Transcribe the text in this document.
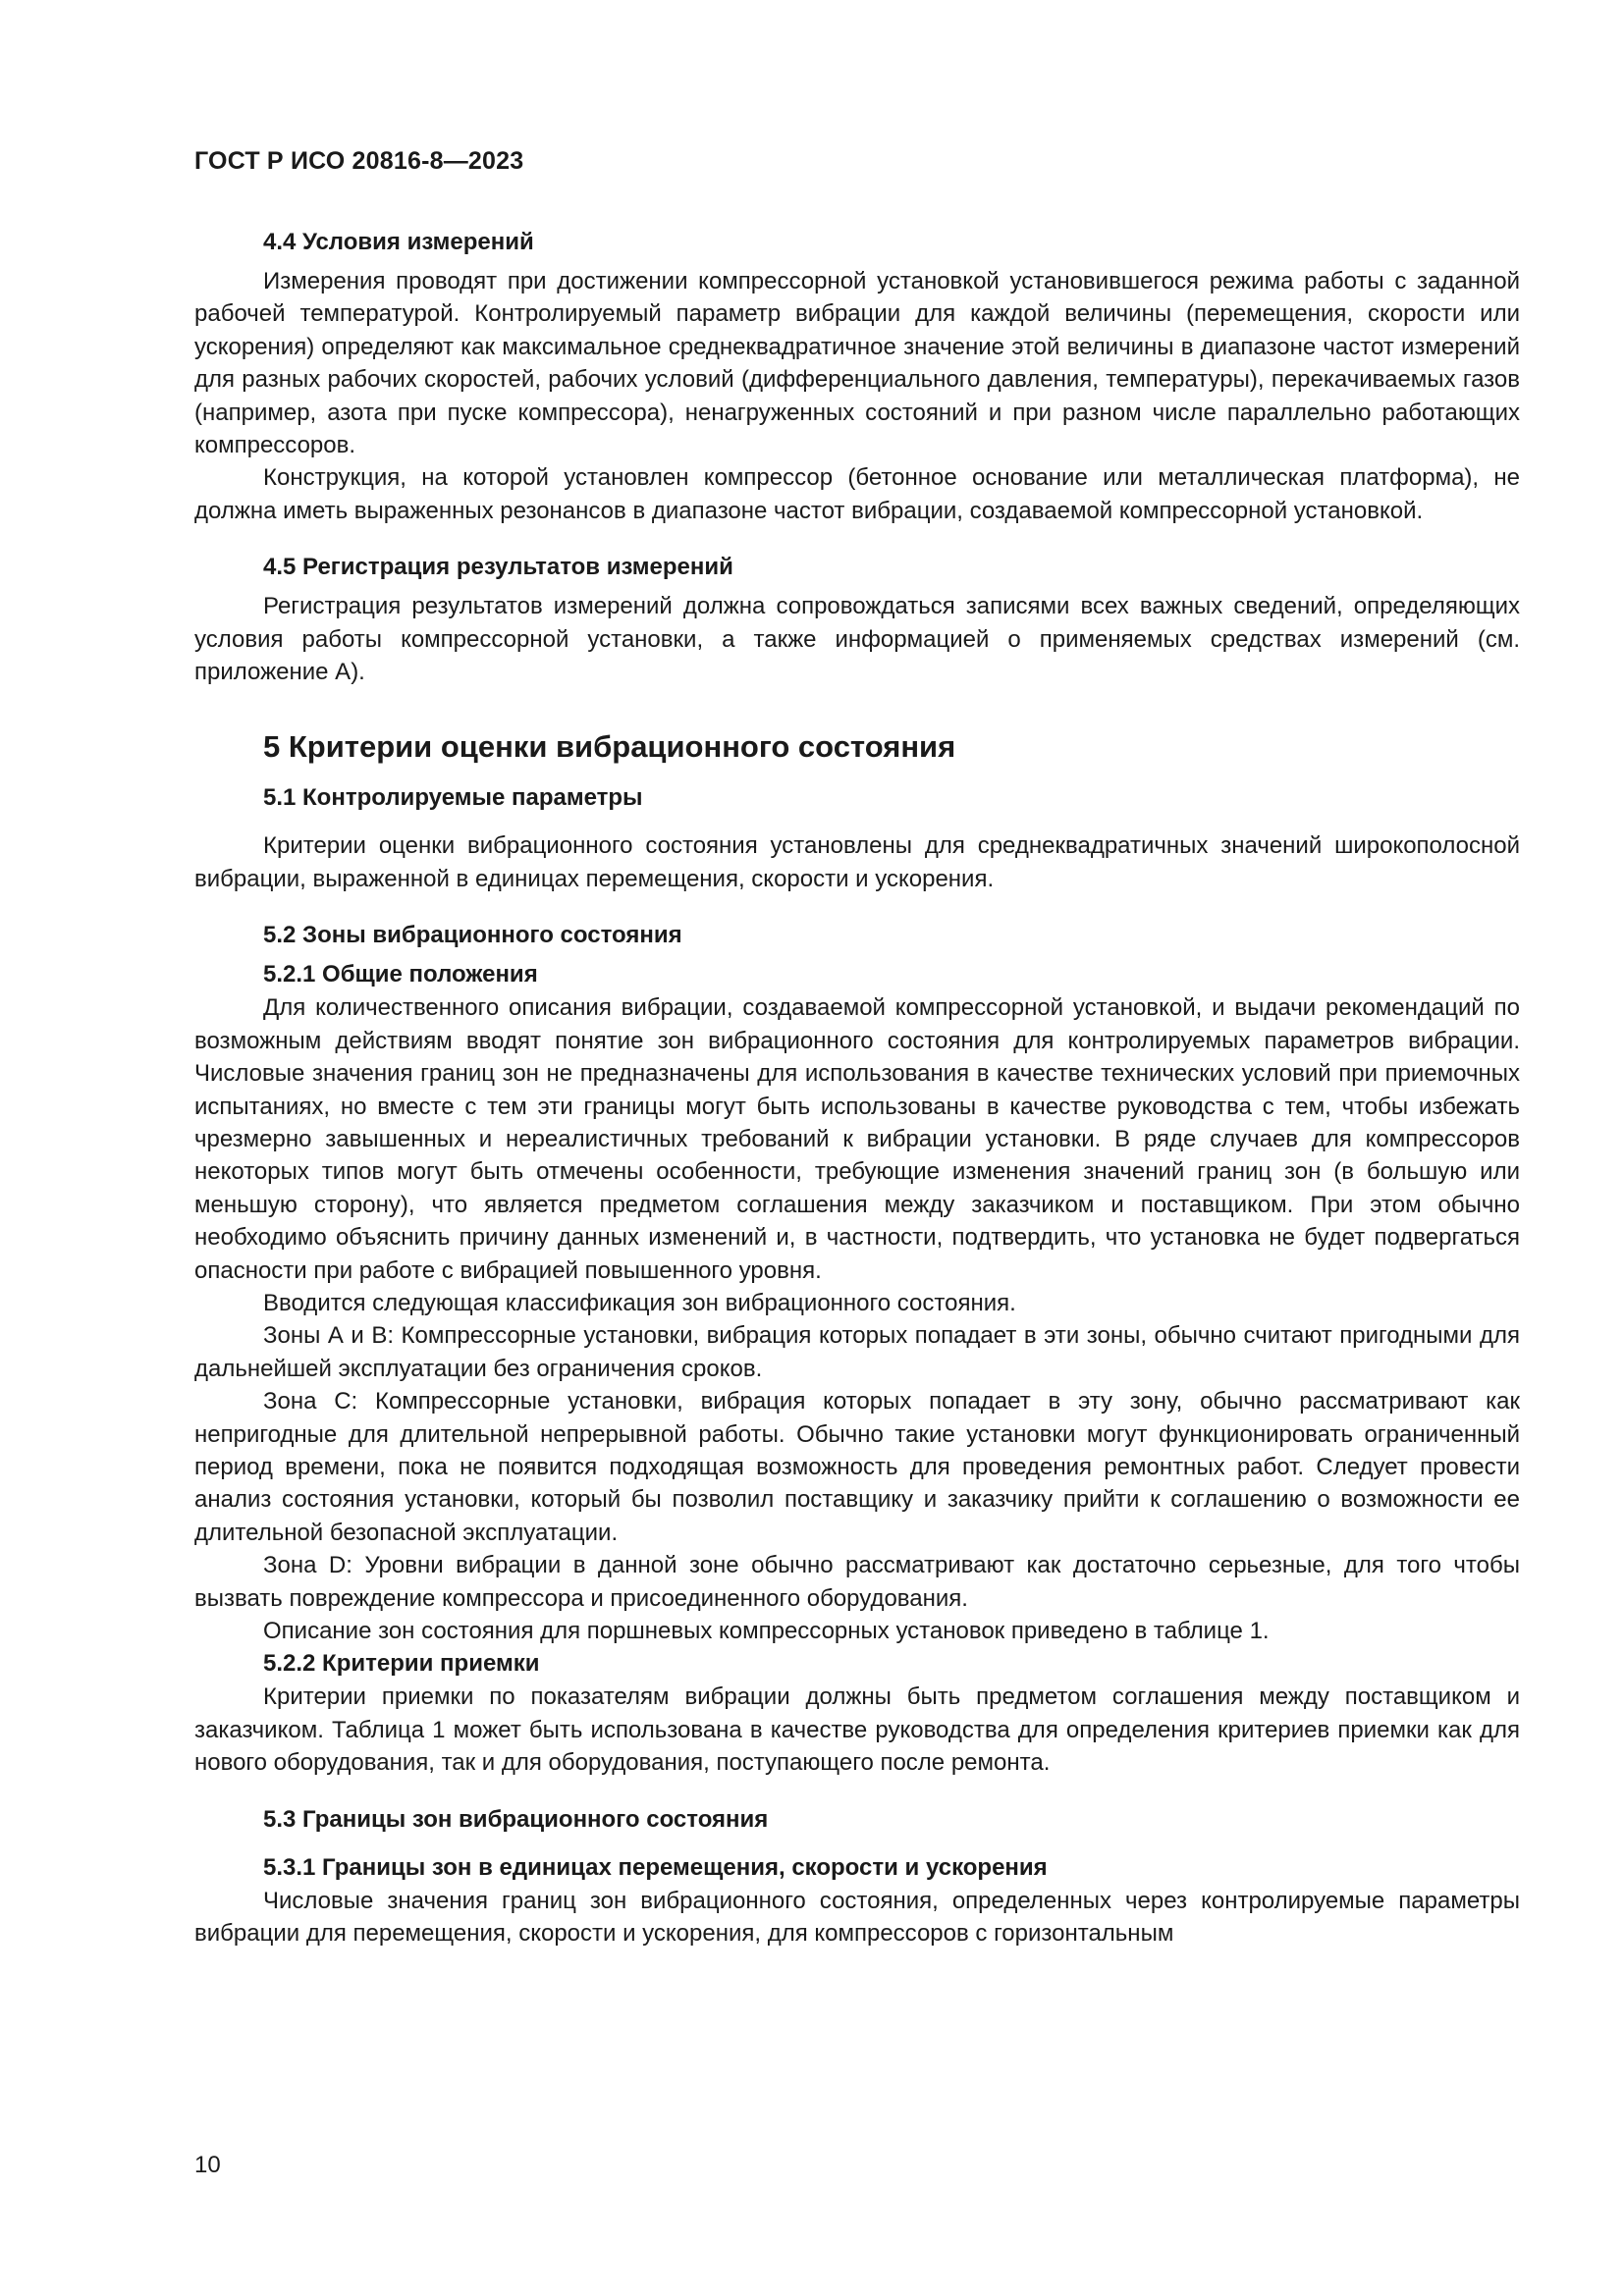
ГОСТ Р ИСО 20816-8—2023
4.4 Условия измерений

Измерения проводят при достижении компрессорной установкой установившегося режима работы с заданной рабочей температурой. Контролируемый параметр вибрации для каждой величины (перемещения, скорости или ускорения) определяют как максимальное среднеквадратичное значение этой величины в диапазоне частот измерений для разных рабочих скоростей, рабочих условий (дифференциального давления, температуры), перекачиваемых газов (например, азота при пуске компрессора), ненагруженных состояний и при разном числе параллельно работающих компрессоров.

Конструкция, на которой установлен компрессор (бетонное основание или металлическая платформа), не должна иметь выраженных резонансов в диапазоне частот вибрации, создаваемой компрессорной установкой.

4.5 Регистрация результатов измерений

Регистрация результатов измерений должна сопровождаться записями всех важных сведений, определяющих условия работы компрессорной установки, а также информацией о применяемых средствах измерений (см. приложение А).

5 Критерии оценки вибрационного состояния
5.1 Контролируемые параметры

Критерии оценки вибрационного состояния установлены для среднеквадратичных значений широкополосной вибрации, выраженной в единицах перемещения, скорости и ускорения.

5.2 Зоны вибрационного состояния
5.2.1 Общие положения

Для количественного описания вибрации, создаваемой компрессорной установкой, и выдачи рекомендаций по возможным действиям вводят понятие зон вибрационного состояния для контролируемых параметров вибрации. Числовые значения границ зон не предназначены для использования в качестве технических условий при приемочных испытаниях, но вместе с тем эти границы могут быть использованы в качестве руководства с тем, чтобы избежать чрезмерно завышенных и нереалистичных требований к вибрации установки. В ряде случаев для компрессоров некоторых типов могут быть отмечены особенности, требующие изменения значений границ зон (в большую или меньшую сторону), что является предметом соглашения между заказчиком и поставщиком. При этом обычно необходимо объяснить причину данных изменений и, в частности, подтвердить, что установка не будет подвергаться опасности при работе с вибрацией повышенного уровня.

Вводится следующая классификация зон вибрационного состояния.

Зоны А и В: Компрессорные установки, вибрация которых попадает в эти зоны, обычно считают пригодными для дальнейшей эксплуатации без ограничения сроков.

Зона С: Компрессорные установки, вибрация которых попадает в эту зону, обычно рассматривают как непригодные для длительной непрерывной работы. Обычно такие установки могут функционировать ограниченный период времени, пока не появится подходящая возможность для проведения ремонтных работ. Следует провести анализ состояния установки, который бы позволил поставщику и заказчику прийти к соглашению о возможности ее длительной безопасной эксплуатации.

Зона D: Уровни вибрации в данной зоне обычно рассматривают как достаточно серьезные, для того чтобы вызвать повреждение компрессора и присоединенного оборудования.

Описание зон состояния для поршневых компрессорных установок приведено в таблице 1.

5.2.2 Критерии приемки

Критерии приемки по показателям вибрации должны быть предметом соглашения между поставщиком и заказчиком. Таблица 1 может быть использована в качестве руководства для определения критериев приемки как для нового оборудования, так и для оборудования, поступающего после ремонта.

5.3 Границы зон вибрационного состояния
5.3.1 Границы зон в единицах перемещения, скорости и ускорения

Числовые значения границ зон вибрационного состояния, определенных через контролируемые параметры вибрации для перемещения, скорости и ускорения, для компрессоров с горизонтальным

10
